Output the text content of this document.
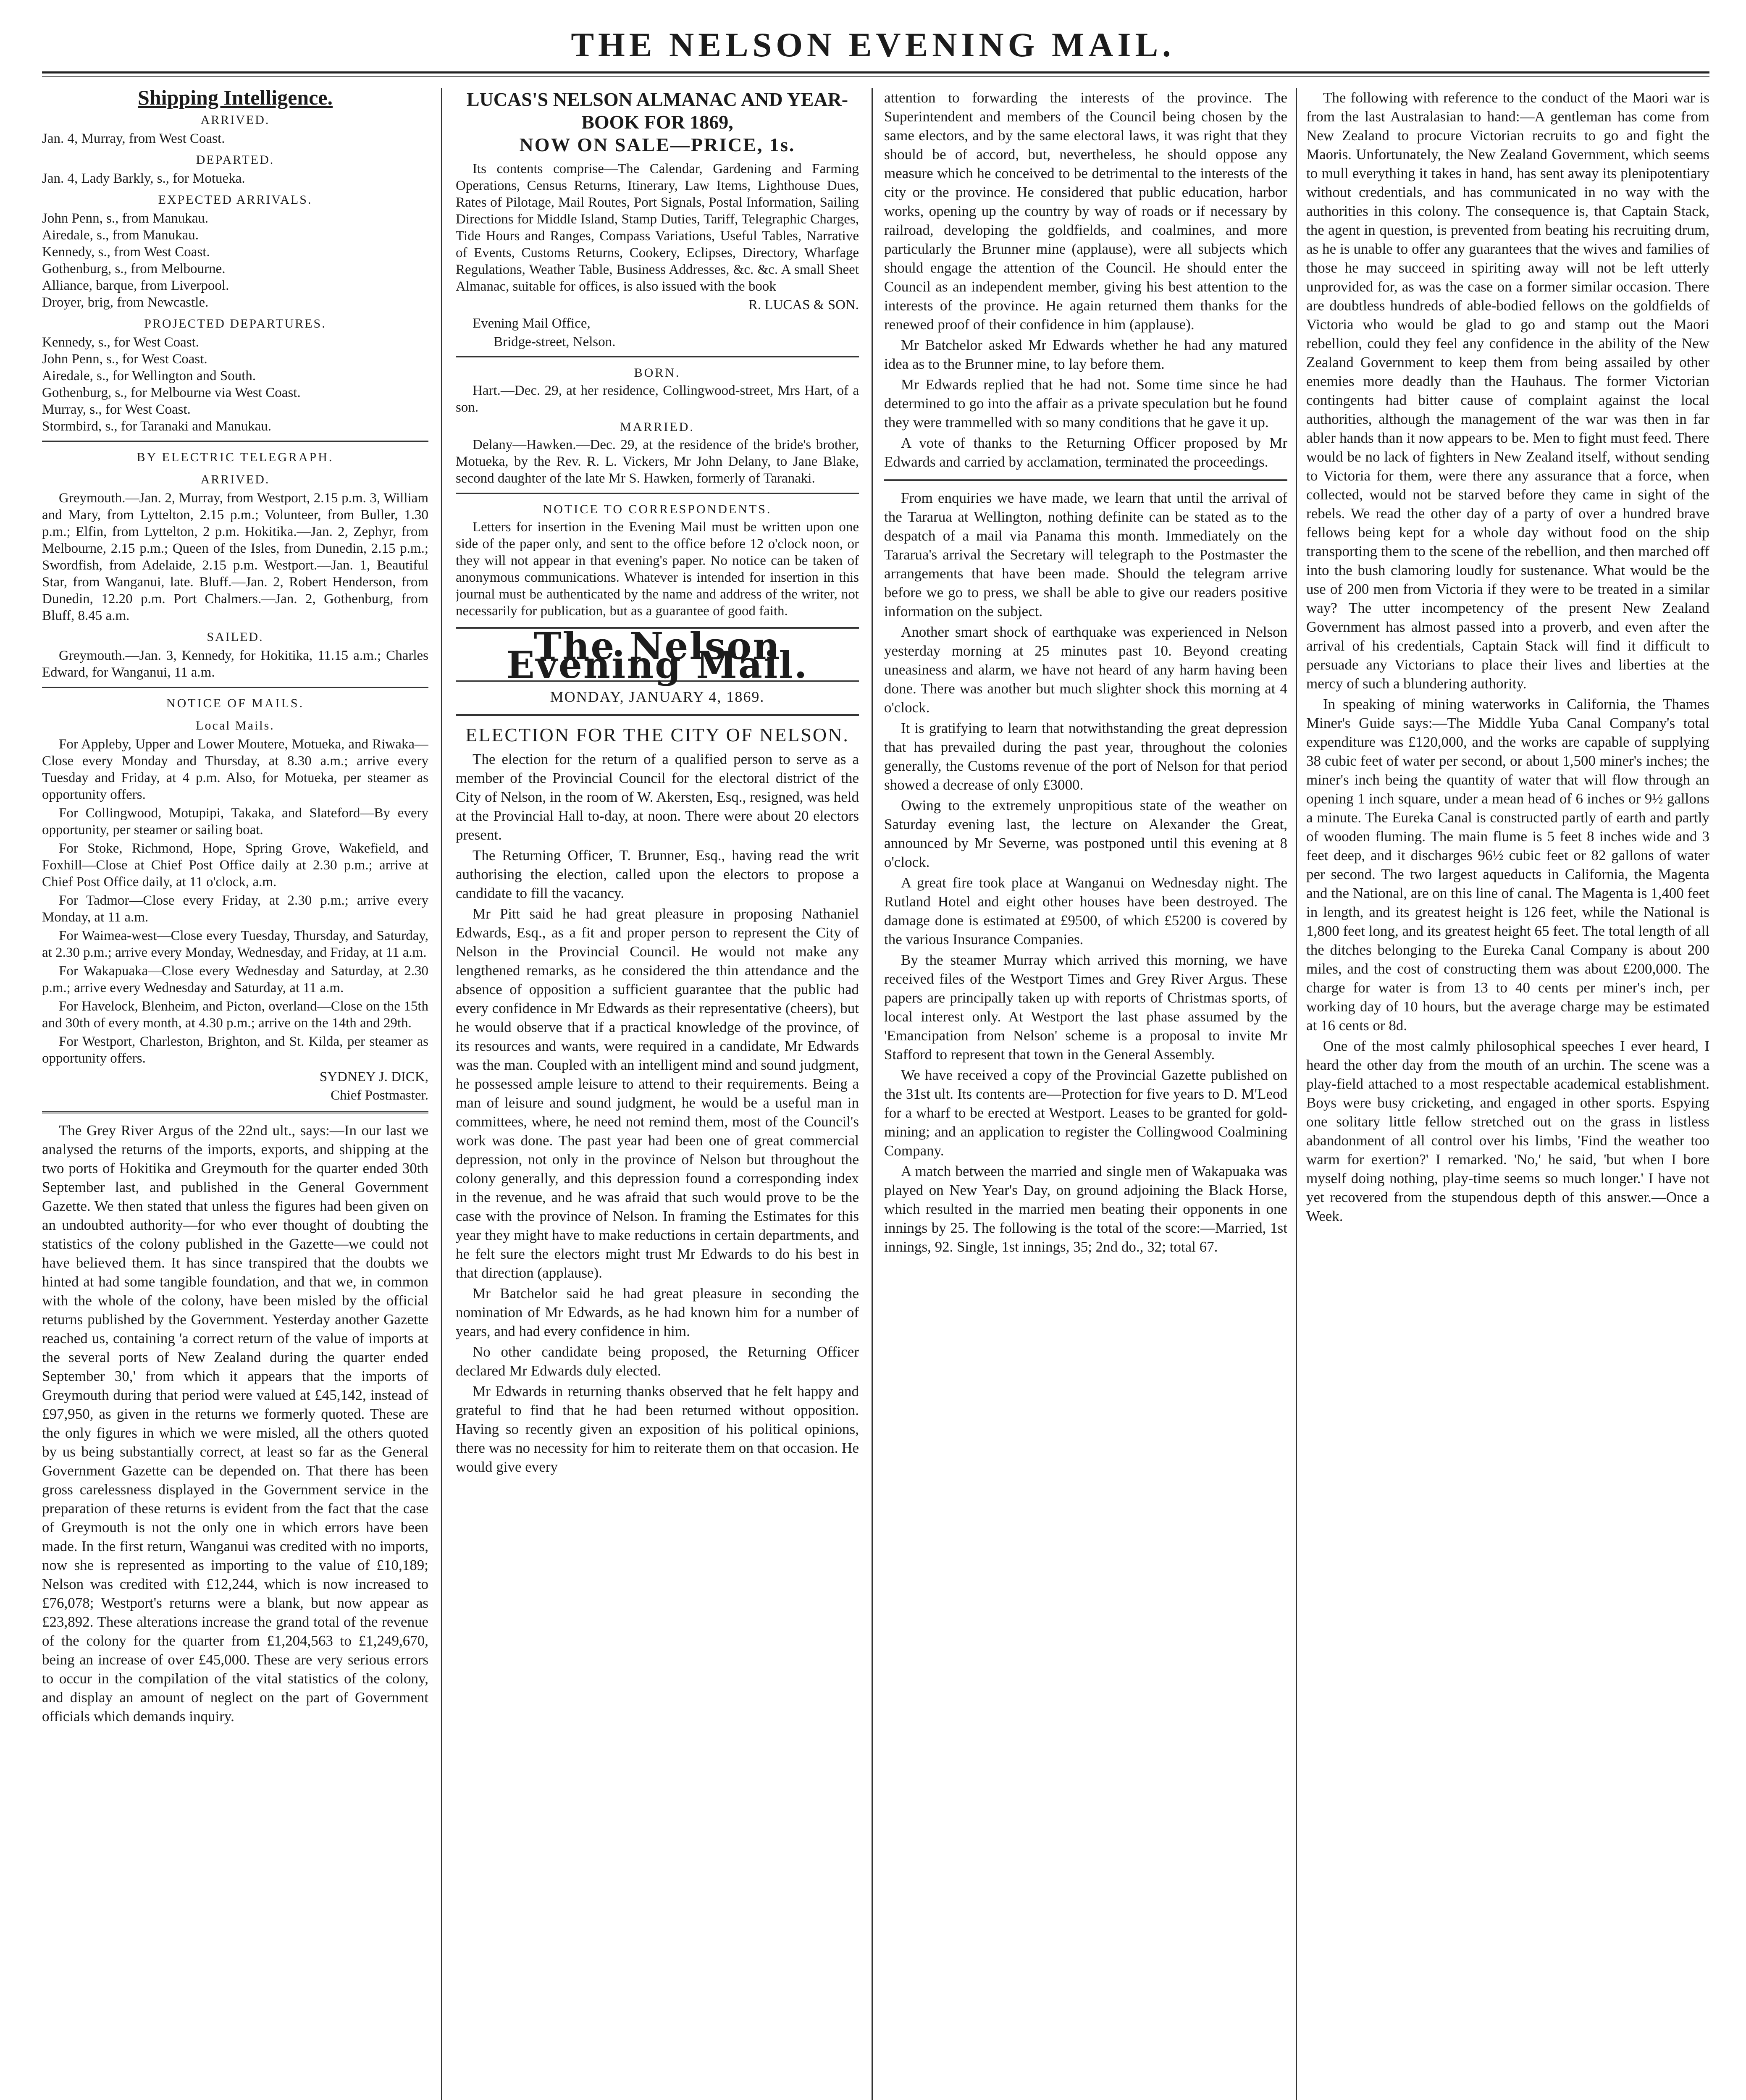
THE NELSON EVENING MAIL.
Shipping Intelligence.
ARRIVED.

Jan. 4, Murray, from West Coast.

DEPARTED.

Jan. 4, Lady Barkly, s., for Motueka.

EXPECTED ARRIVALS.

John Penn, s., from Manukau.

Airedale, s., from Manukau.

Kennedy, s., from West Coast.

Gothenburg, s., from Melbourne.

Alliance, barque, from Liverpool.

Droyer, brig, from Newcastle.

PROJECTED DEPARTURES.

Kennedy, s., for West Coast.

John Penn, s., for West Coast.

Airedale, s., for Wellington and South.

Gothenburg, s., for Melbourne via West Coast.

Murray, s., for West Coast.

Stormbird, s., for Taranaki and Manukau.

BY ELECTRIC TELEGRAPH.
ARRIVED.

Greymouth.—Jan. 2, Murray, from Westport, 2.15 p.m. 3, William and Mary, from Lyttelton, 2.15 p.m.; Volunteer, from Buller, 1.30 p.m.; Elfin, from Lyttelton, 2 p.m. Hokitika.—Jan. 2, Zephyr, from Melbourne, 2.15 p.m.; Queen of the Isles, from Dunedin, 2.15 p.m.; Swordfish, from Adelaide, 2.15 p.m. Westport.—Jan. 1, Beautiful Star, from Wanganui, late. Bluff.—Jan. 2, Robert Henderson, from Dunedin, 12.20 p.m. Port Chalmers.—Jan. 2, Gothenburg, from Bluff, 8.45 a.m.

SAILED.

Greymouth.—Jan. 3, Kennedy, for Hokitika, 11.15 a.m.; Charles Edward, for Wanganui, 11 a.m.

NOTICE OF MAILS.
Local Mails.

For Appleby, Upper and Lower Moutere, Motueka, and Riwaka—Close every Monday and Thursday, at 8.30 a.m.; arrive every Tuesday and Friday, at 4 p.m. Also, for Motueka, per steamer as opportunity offers.

For Collingwood, Motupipi, Takaka, and Slateford—By every opportunity, per steamer or sailing boat.

For Stoke, Richmond, Hope, Spring Grove, Wakefield, and Foxhill—Close at Chief Post Office daily at 2.30 p.m.; arrive at Chief Post Office daily, at 11 o'clock, a.m.

For Tadmor—Close every Friday, at 2.30 p.m.; arrive every Monday, at 11 a.m.

For Waimea-west—Close every Tuesday, Thursday, and Saturday, at 2.30 p.m.; arrive every Monday, Wednesday, and Friday, at 11 a.m.

For Wakapuaka—Close every Wednesday and Saturday, at 2.30 p.m.; arrive every Wednesday and Saturday, at 11 a.m.

For Havelock, Blenheim, and Picton, overland—Close on the 15th and 30th of every month, at 4.30 p.m.; arrive on the 14th and 29th.

For Westport, Charleston, Brighton, and St. Kilda, per steamer as opportunity offers.

SYDNEY J. DICK,
Chief Postmaster.

The Grey River Argus of the 22nd ult., says:—In our last we analysed the returns of the imports, exports, and shipping at the two ports of Hokitika and Greymouth for the quarter ended 30th September last, and published in the General Government Gazette. We then stated that unless the figures had been given on an undoubted authority—for who ever thought of doubting the statistics of the colony published in the Gazette—we could not have believed them. It has since transpired that the doubts we hinted at had some tangible foundation, and that we, in common with the whole of the colony, have been misled by the official returns published by the Government. Yesterday another Gazette reached us, containing 'a correct return of the value of imports at the several ports of New Zealand during the quarter ended September 30,' from which it appears that the imports of Greymouth during that period were valued at £45,142, instead of £97,950, as given in the returns we formerly quoted. These are the only figures in which we were misled, all the others quoted by us being substantially correct, at least so far as the General Government Gazette can be depended on. That there has been gross carelessness displayed in the Government service in the preparation of these returns is evident from the fact that the case of Greymouth is not the only one in which errors have been made. In the first return, Wanganui was credited with no imports, now she is represented as importing to the value of £10,189; Nelson was credited with £12,244, which is now increased to £76,078; Westport's returns were a blank, but now appear as £23,892. These alterations increase the grand total of the revenue of the colony for the quarter from £1,204,563 to £1,249,670, being an increase of over £45,000. These are very serious errors to occur in the compilation of the vital statistics of the colony, and display an amount of neglect on the part of Government officials which demands inquiry.

LUCAS'S NELSON ALMANAC AND YEAR-BOOK FOR 1869,
NOW ON SALE—PRICE, 1s.

Its contents comprise—The Calendar, Gardening and Farming Operations, Census Returns, Itinerary, Law Items, Lighthouse Dues, Rates of Pilotage, Mail Routes, Port Signals, Postal Information, Sailing Directions for Middle Island, Stamp Duties, Tariff, Telegraphic Charges, Tide Hours and Ranges, Compass Variations, Useful Tables, Narrative of Events, Customs Returns, Cookery, Eclipses, Directory, Wharfage Regulations, Weather Table, Business Addresses, &c. &c. A small Sheet Almanac, suitable for offices, is also issued with the book

R. LUCAS & SON.

Evening Mail Office,

Bridge-street, Nelson.

BORN.

Hart.—Dec. 29, at her residence, Collingwood-street, Mrs Hart, of a son.

MARRIED.

Delany—Hawken.—Dec. 29, at the residence of the bride's brother, Motueka, by the Rev. R. L. Vickers, Mr John Delany, to Jane Blake, second daughter of the late Mr S. Hawken, formerly of Taranaki.

NOTICE TO CORRESPONDENTS.

Letters for insertion in the Evening Mail must be written upon one side of the paper only, and sent to the office before 12 o'clock noon, or they will not appear in that evening's paper. No notice can be taken of anonymous communications. Whatever is intended for insertion in this journal must be authenticated by the name and address of the writer, not necessarily for publication, but as a guarantee of good faith.

The Nelson Evening Mail.
MONDAY, JANUARY 4, 1869.
ELECTION FOR THE CITY OF NELSON.

The election for the return of a qualified person to serve as a member of the Provincial Council for the electoral district of the City of Nelson, in the room of W. Akersten, Esq., resigned, was held at the Provincial Hall to-day, at noon. There were about 20 electors present.

The Returning Officer, T. Brunner, Esq., having read the writ authorising the election, called upon the electors to propose a candidate to fill the vacancy.

Mr Pitt said he had great pleasure in proposing Nathaniel Edwards, Esq., as a fit and proper person to represent the City of Nelson in the Provincial Council. He would not make any lengthened remarks, as he considered the thin attendance and the absence of opposition a sufficient guarantee that the public had every confidence in Mr Edwards as their representative (cheers), but he would observe that if a practical knowledge of the province, of its resources and wants, were required in a candidate, Mr Edwards was the man. Coupled with an intelligent mind and sound judgment, he possessed ample leisure to attend to their requirements. Being a man of leisure and sound judgment, he would be a useful man in committees, where, he need not remind them, most of the Council's work was done. The past year had been one of great commercial depression, not only in the province of Nelson but throughout the colony generally, and this depression found a corresponding index in the revenue, and he was afraid that such would prove to be the case with the province of Nelson. In framing the Estimates for this year they might have to make reductions in certain departments, and he felt sure the electors might trust Mr Edwards to do his best in that direction (applause).

Mr Batchelor said he had great pleasure in seconding the nomination of Mr Edwards, as he had known him for a number of years, and had every confidence in him.

No other candidate being proposed, the Returning Officer declared Mr Edwards duly elected.

Mr Edwards in returning thanks observed that he felt happy and grateful to find that he had been returned without opposition. Having so recently given an exposition of his political opinions, there was no necessity for him to reiterate them on that occasion. He would give every

attention to forwarding the interests of the province. The Superintendent and members of the Council being chosen by the same electors, and by the same electoral laws, it was right that they should be of accord, but, nevertheless, he should oppose any measure which he conceived to be detrimental to the interests of the city or the province. He considered that public education, harbor works, opening up the country by way of roads or if necessary by railroad, developing the goldfields, and coalmines, and more particularly the Brunner mine (applause), were all subjects which should engage the attention of the Council. He should enter the Council as an independent member, giving his best attention to the interests of the province. He again returned them thanks for the renewed proof of their confidence in him (applause).

Mr Batchelor asked Mr Edwards whether he had any matured idea as to the Brunner mine, to lay before them.

Mr Edwards replied that he had not. Some time since he had determined to go into the affair as a private speculation but he found they were trammelled with so many conditions that he gave it up.

A vote of thanks to the Returning Officer proposed by Mr Edwards and carried by acclamation, terminated the proceedings.

From enquiries we have made, we learn that until the arrival of the Tararua at Wellington, nothing definite can be stated as to the despatch of a mail via Panama this month. Immediately on the Tararua's arrival the Secretary will telegraph to the Postmaster the arrangements that have been made. Should the telegram arrive before we go to press, we shall be able to give our readers positive information on the subject.

Another smart shock of earthquake was experienced in Nelson yesterday morning at 25 minutes past 10. Beyond creating uneasiness and alarm, we have not heard of any harm having been done. There was another but much slighter shock this morning at 4 o'clock.

It is gratifying to learn that notwithstanding the great depression that has prevailed during the past year, throughout the colonies generally, the Customs revenue of the port of Nelson for that period showed a decrease of only £3000.

Owing to the extremely unpropitious state of the weather on Saturday evening last, the lecture on Alexander the Great, announced by Mr Severne, was postponed until this evening at 8 o'clock.

A great fire took place at Wanganui on Wednesday night. The Rutland Hotel and eight other houses have been destroyed. The damage done is estimated at £9500, of which £5200 is covered by the various Insurance Companies.

By the steamer Murray which arrived this morning, we have received files of the Westport Times and Grey River Argus. These papers are principally taken up with reports of Christmas sports, of local interest only. At Westport the last phase assumed by the 'Emancipation from Nelson' scheme is a proposal to invite Mr Stafford to represent that town in the General Assembly.

We have received a copy of the Provincial Gazette published on the 31st ult. Its contents are—Protection for five years to D. M'Leod for a wharf to be erected at Westport. Leases to be granted for gold-mining; and an application to register the Collingwood Coalmining Company.

A match between the married and single men of Wakapuaka was played on New Year's Day, on ground adjoining the Black Horse, which resulted in the married men beating their opponents in one innings by 25. The following is the total of the score:—Married, 1st innings, 92. Single, 1st innings, 35; 2nd do., 32; total 67.

The following with reference to the conduct of the Maori war is from the last Australasian to hand:—A gentleman has come from New Zealand to procure Victorian recruits to go and fight the Maoris. Unfortunately, the New Zealand Government, which seems to mull everything it takes in hand, has sent away its plenipotentiary without credentials, and has communicated in no way with the authorities in this colony. The consequence is, that Captain Stack, the agent in question, is prevented from beating his recruiting drum, as he is unable to offer any guarantees that the wives and families of those he may succeed in spiriting away will not be left utterly unprovided for, as was the case on a former similar occasion. There are doubtless hundreds of able-bodied fellows on the goldfields of Victoria who would be glad to go and stamp out the Maori rebellion, could they feel any confidence in the ability of the New Zealand Government to keep them from being assailed by other enemies more deadly than the Hauhaus. The former Victorian contingents had bitter cause of complaint against the local authorities, although the management of the war was then in far abler hands than it now appears to be. Men to fight must feed. There would be no lack of fighters in New Zealand itself, without sending to Victoria for them, were there any assurance that a force, when collected, would not be starved before they came in sight of the rebels. We read the other day of a party of over a hundred brave fellows being kept for a whole day without food on the ship transporting them to the scene of the rebellion, and then marched off into the bush clamoring loudly for sustenance. What would be the use of 200 men from Victoria if they were to be treated in a similar way? The utter incompetency of the present New Zealand Government has almost passed into a proverb, and even after the arrival of his credentials, Captain Stack will find it difficult to persuade any Victorians to place their lives and liberties at the mercy of such a blundering authority.

In speaking of mining waterworks in California, the Thames Miner's Guide says:—The Middle Yuba Canal Company's total expenditure was £120,000, and the works are capable of supplying 38 cubic feet of water per second, or about 1,500 miner's inches; the miner's inch being the quantity of water that will flow through an opening 1 inch square, under a mean head of 6 inches or 9½ gallons a minute. The Eureka Canal is constructed partly of earth and partly of wooden fluming. The main flume is 5 feet 8 inches wide and 3 feet deep, and it discharges 96½ cubic feet or 82 gallons of water per second. The two largest aqueducts in California, the Magenta and the National, are on this line of canal. The Magenta is 1,400 feet in length, and its greatest height is 126 feet, while the National is 1,800 feet long, and its greatest height 65 feet. The total length of all the ditches belonging to the Eureka Canal Company is about 200 miles, and the cost of constructing them was about £200,000. The charge for water is from 13 to 40 cents per miner's inch, per working day of 10 hours, but the average charge may be estimated at 16 cents or 8d.

One of the most calmly philosophical speeches I ever heard, I heard the other day from the mouth of an urchin. The scene was a play-field attached to a most respectable academical establishment. Boys were busy cricketing, and engaged in other sports. Espying one solitary little fellow stretched out on the grass in listless abandonment of all control over his limbs, 'Find the weather too warm for exertion?' I remarked. 'No,' he said, 'but when I bore myself doing nothing, play-time seems so much longer.' I have not yet recovered from the stupendous depth of this answer.—Once a Week.
